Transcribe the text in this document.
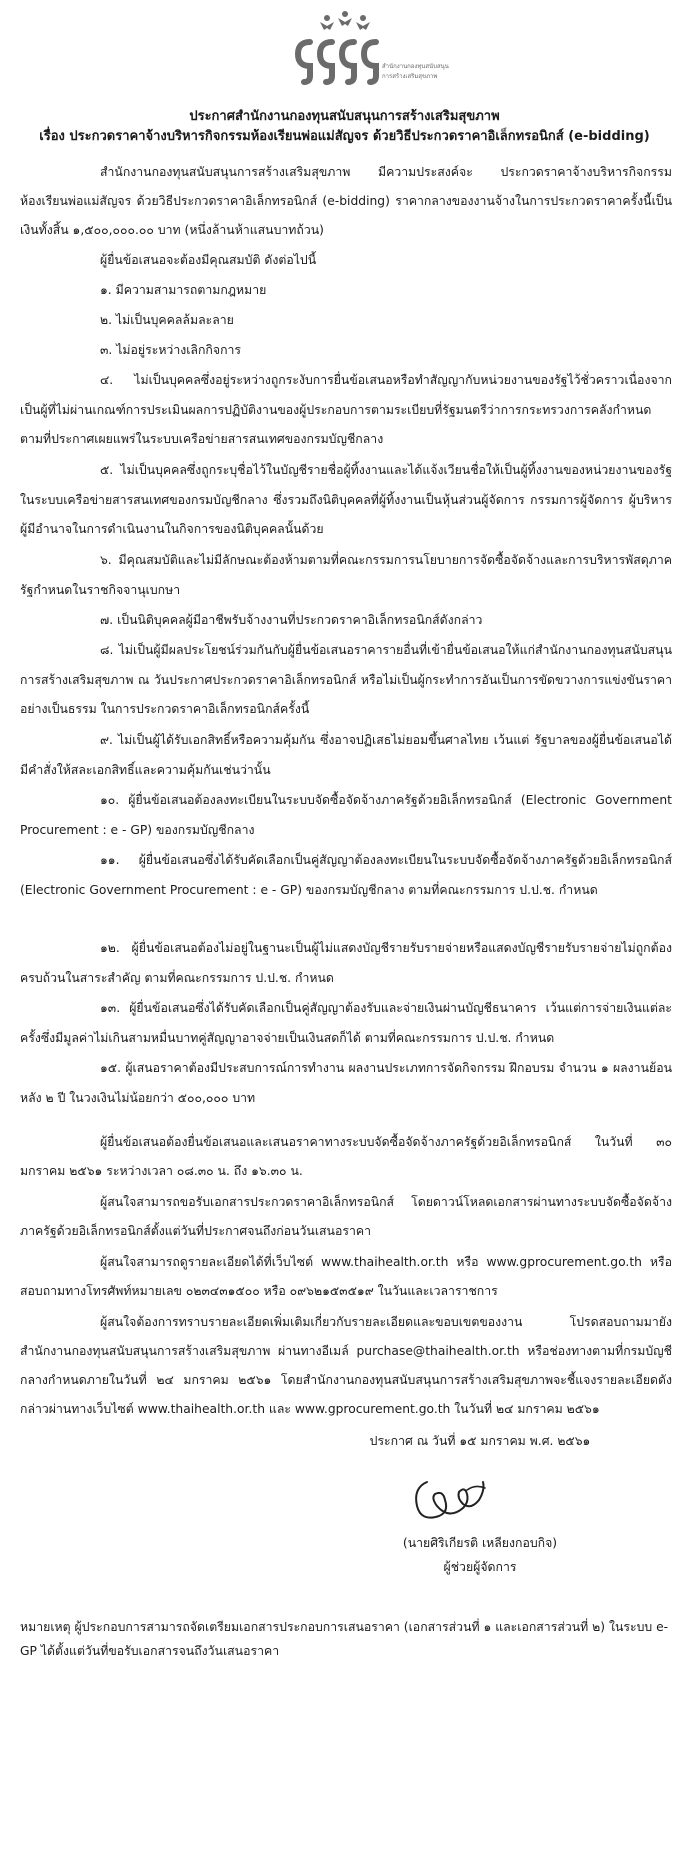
สำนักงานกองทุนสนับสนุน
การสร้างเสริมสุขภาพ
ประกาศสำนักงานกองทุนสนับสนุนการสร้างเสริมสุขภาพ
เรื่อง ประกวดราคาจ้างบริหารกิจกรรมห้องเรียนพ่อแม่สัญจร ด้วยวิธีประกวดราคาอิเล็กทรอนิกส์ (e-bidding)

สำนักงานกองทุนสนับสนุนการสร้างเสริมสุขภาพ มีความประสงค์จะ ประกวดราคาจ้างบริหารกิจกรรมห้องเรียนพ่อแม่สัญจร ด้วยวิธีประกวดราคาอิเล็กทรอนิกส์ (e-bidding) ราคากลางของงานจ้างในการประกวดราคาครั้งนี้เป็นเงินทั้งสิ้น ๑,๕๐๐,๐๐๐.๐๐ บาท (หนึ่งล้านห้าแสนบาทถ้วน)

ผู้ยื่นข้อเสนอจะต้องมีคุณสมบัติ ดังต่อไปนี้

๑. มีความสามารถตามกฎหมาย

๒. ไม่เป็นบุคคลล้มละลาย

๓. ไม่อยู่ระหว่างเลิกกิจการ

๔. ไม่เป็นบุคคลซึ่งอยู่ระหว่างถูกระงับการยื่นข้อเสนอหรือทำสัญญากับหน่วยงานของรัฐไว้ชั่วคราวเนื่องจากเป็นผู้ที่ไม่ผ่านเกณฑ์การประเมินผลการปฏิบัติงานของผู้ประกอบการตามระเบียบที่รัฐมนตรีว่าการกระทรวงการคลังกำหนดตามที่ประกาศเผยแพร่ในระบบเครือข่ายสารสนเทศของกรมบัญชีกลาง

๕. ไม่เป็นบุคคลซึ่งถูกระบุชื่อไว้ในบัญชีรายชื่อผู้ทิ้งงานและได้แจ้งเวียนชื่อให้เป็นผู้ทิ้งงานของหน่วยงานของรัฐในระบบเครือข่ายสารสนเทศของกรมบัญชีกลาง ซึ่งรวมถึงนิติบุคคลที่ผู้ทิ้งงานเป็นหุ้นส่วนผู้จัดการ กรรมการผู้จัดการ ผู้บริหาร ผู้มีอำนาจในการดำเนินงานในกิจการของนิติบุคคลนั้นด้วย

๖. มีคุณสมบัติและไม่มีลักษณะต้องห้ามตามที่คณะกรรมการนโยบายการจัดซื้อจัดจ้างและการบริหารพัสดุภาครัฐกำหนดในราชกิจจานุเบกษา

๗. เป็นนิติบุคคลผู้มีอาชีพรับจ้างงานที่ประกวดราคาอิเล็กทรอนิกส์ดังกล่าว

๘. ไม่เป็นผู้มีผลประโยชน์ร่วมกันกับผู้ยื่นข้อเสนอราคารายอื่นที่เข้ายื่นข้อเสนอให้แก่สำนักงานกองทุนสนับสนุนการสร้างเสริมสุขภาพ ณ วันประกาศประกวดราคาอิเล็กทรอนิกส์ หรือไม่เป็นผู้กระทำการอันเป็นการขัดขวางการแข่งขันราคาอย่างเป็นธรรม ในการประกวดราคาอิเล็กทรอนิกส์ครั้งนี้

๙. ไม่เป็นผู้ได้รับเอกสิทธิ์หรือความคุ้มกัน ซึ่งอาจปฏิเสธไม่ยอมขึ้นศาลไทย เว้นแต่ รัฐบาลของผู้ยื่นข้อเสนอได้มีคำสั่งให้สละเอกสิทธิ์และความคุ้มกันเช่นว่านั้น

๑๐. ผู้ยื่นข้อเสนอต้องลงทะเบียนในระบบจัดซื้อจัดจ้างภาครัฐด้วยอิเล็กทรอนิกส์ (Electronic Government Procurement : e - GP) ของกรมบัญชีกลาง

๑๑. ผู้ยื่นข้อเสนอซึ่งได้รับคัดเลือกเป็นคู่สัญญาต้องลงทะเบียนในระบบจัดซื้อจัดจ้างภาครัฐด้วยอิเล็กทรอนิกส์ (Electronic Government Procurement : e - GP) ของกรมบัญชีกลาง ตามที่คณะกรรมการ ป.ป.ช. กำหนด

๑๒. ผู้ยื่นข้อเสนอต้องไม่อยู่ในฐานะเป็นผู้ไม่แสดงบัญชีรายรับรายจ่ายหรือแสดงบัญชีรายรับรายจ่ายไม่ถูกต้องครบถ้วนในสาระสำคัญ ตามที่คณะกรรมการ ป.ป.ช. กำหนด

๑๓. ผู้ยื่นข้อเสนอซึ่งได้รับคัดเลือกเป็นคู่สัญญาต้องรับและจ่ายเงินผ่านบัญชีธนาคาร เว้นแต่การจ่ายเงินแต่ละครั้งซึ่งมีมูลค่าไม่เกินสามหมื่นบาทคู่สัญญาอาจจ่ายเป็นเงินสดก็ได้ ตามที่คณะกรรมการ ป.ป.ช. กำหนด

๑๕. ผู้เสนอราคาต้องมีประสบการณ์การทำงาน ผลงานประเภทการจัดกิจกรรม ฝึกอบรม จำนวน ๑ ผลงานย้อนหลัง ๒ ปี ในวงเงินไม่น้อยกว่า ๕๐๐,๐๐๐ บาท

ผู้ยื่นข้อเสนอต้องยื่นข้อเสนอและเสนอราคาทางระบบจัดซื้อจัดจ้างภาครัฐด้วยอิเล็กทรอนิกส์ ในวันที่ ๓๐ มกราคม ๒๕๖๑ ระหว่างเวลา ๐๘.๓๐ น. ถึง ๑๖.๓๐ น.

ผู้สนใจสามารถขอรับเอกสารประกวดราคาอิเล็กทรอนิกส์ โดยดาวน์โหลดเอกสารผ่านทางระบบจัดซื้อจัดจ้างภาครัฐด้วยอิเล็กทรอนิกส์ตั้งแต่วันที่ประกาศจนถึงก่อนวันเสนอราคา

ผู้สนใจสามารถดูรายละเอียดได้ที่เว็บไซต์ www.thaihealth.or.th หรือ www.gprocurement.go.th หรือสอบถามทางโทรศัพท์หมายเลข ๐๒๓๔๓๑๕๐๐ หรือ ๐๙๖๒๑๕๓๕๑๙ ในวันและเวลาราชการ

ผู้สนใจต้องการทราบรายละเอียดเพิ่มเติมเกี่ยวกับรายละเอียดและขอบเขตของงาน โปรดสอบถามมายังสำนักงานกองทุนสนับสนุนการสร้างเสริมสุขภาพ ผ่านทางอีเมล์ purchase@thaihealth.or.th หรือช่องทางตามที่กรมบัญชีกลางกำหนดภายในวันที่ ๒๔ มกราคม ๒๕๖๑ โดยสำนักงานกองทุนสนับสนุนการสร้างเสริมสุขภาพจะชี้แจงรายละเอียดดังกล่าวผ่านทางเว็บไซต์ www.thaihealth.or.th และ www.gprocurement.go.th ในวันที่ ๒๔ มกราคม ๒๕๖๑

ประกาศ ณ วันที่ ๑๕ มกราคม พ.ศ. ๒๕๖๑
(นายศิริเกียรติ เหลียงกอบกิจ)
ผู้ช่วยผู้จัดการ

หมายเหตุ ผู้ประกอบการสามารถจัดเตรียมเอกสารประกอบการเสนอราคา (เอกสารส่วนที่ ๑ และเอกสารส่วนที่ ๒) ในระบบ e-GP ได้ตั้งแต่วันที่ขอรับเอกสารจนถึงวันเสนอราคา
